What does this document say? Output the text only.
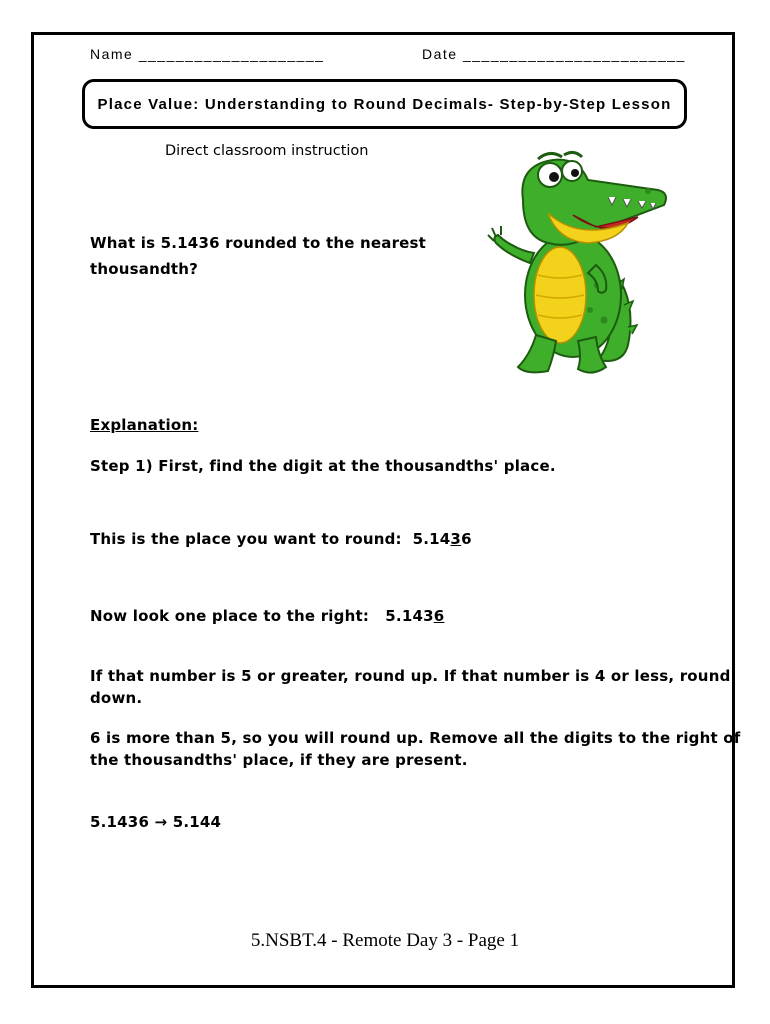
Name ____________________	Date ________________________
Place Value: Understanding to Round Decimals- Step-by-Step Lesson
Direct classroom instruction
What is 5.1436 rounded to the nearest
thousandth?
Explanation:
Step 1) First, find the digit at the thousandths' place.
This is the place you want to round:  5.1436
Now look one place to the right:   5.1436
If that number is 5 or greater, round up. If that number is 4 or less, round
down.
6 is more than 5, so you will round up. Remove all the digits to the right of
the thousandths' place, if they are present.
5.1436 → 5.144
5.NSBT.4 - Remote Day 3 - Page 1
